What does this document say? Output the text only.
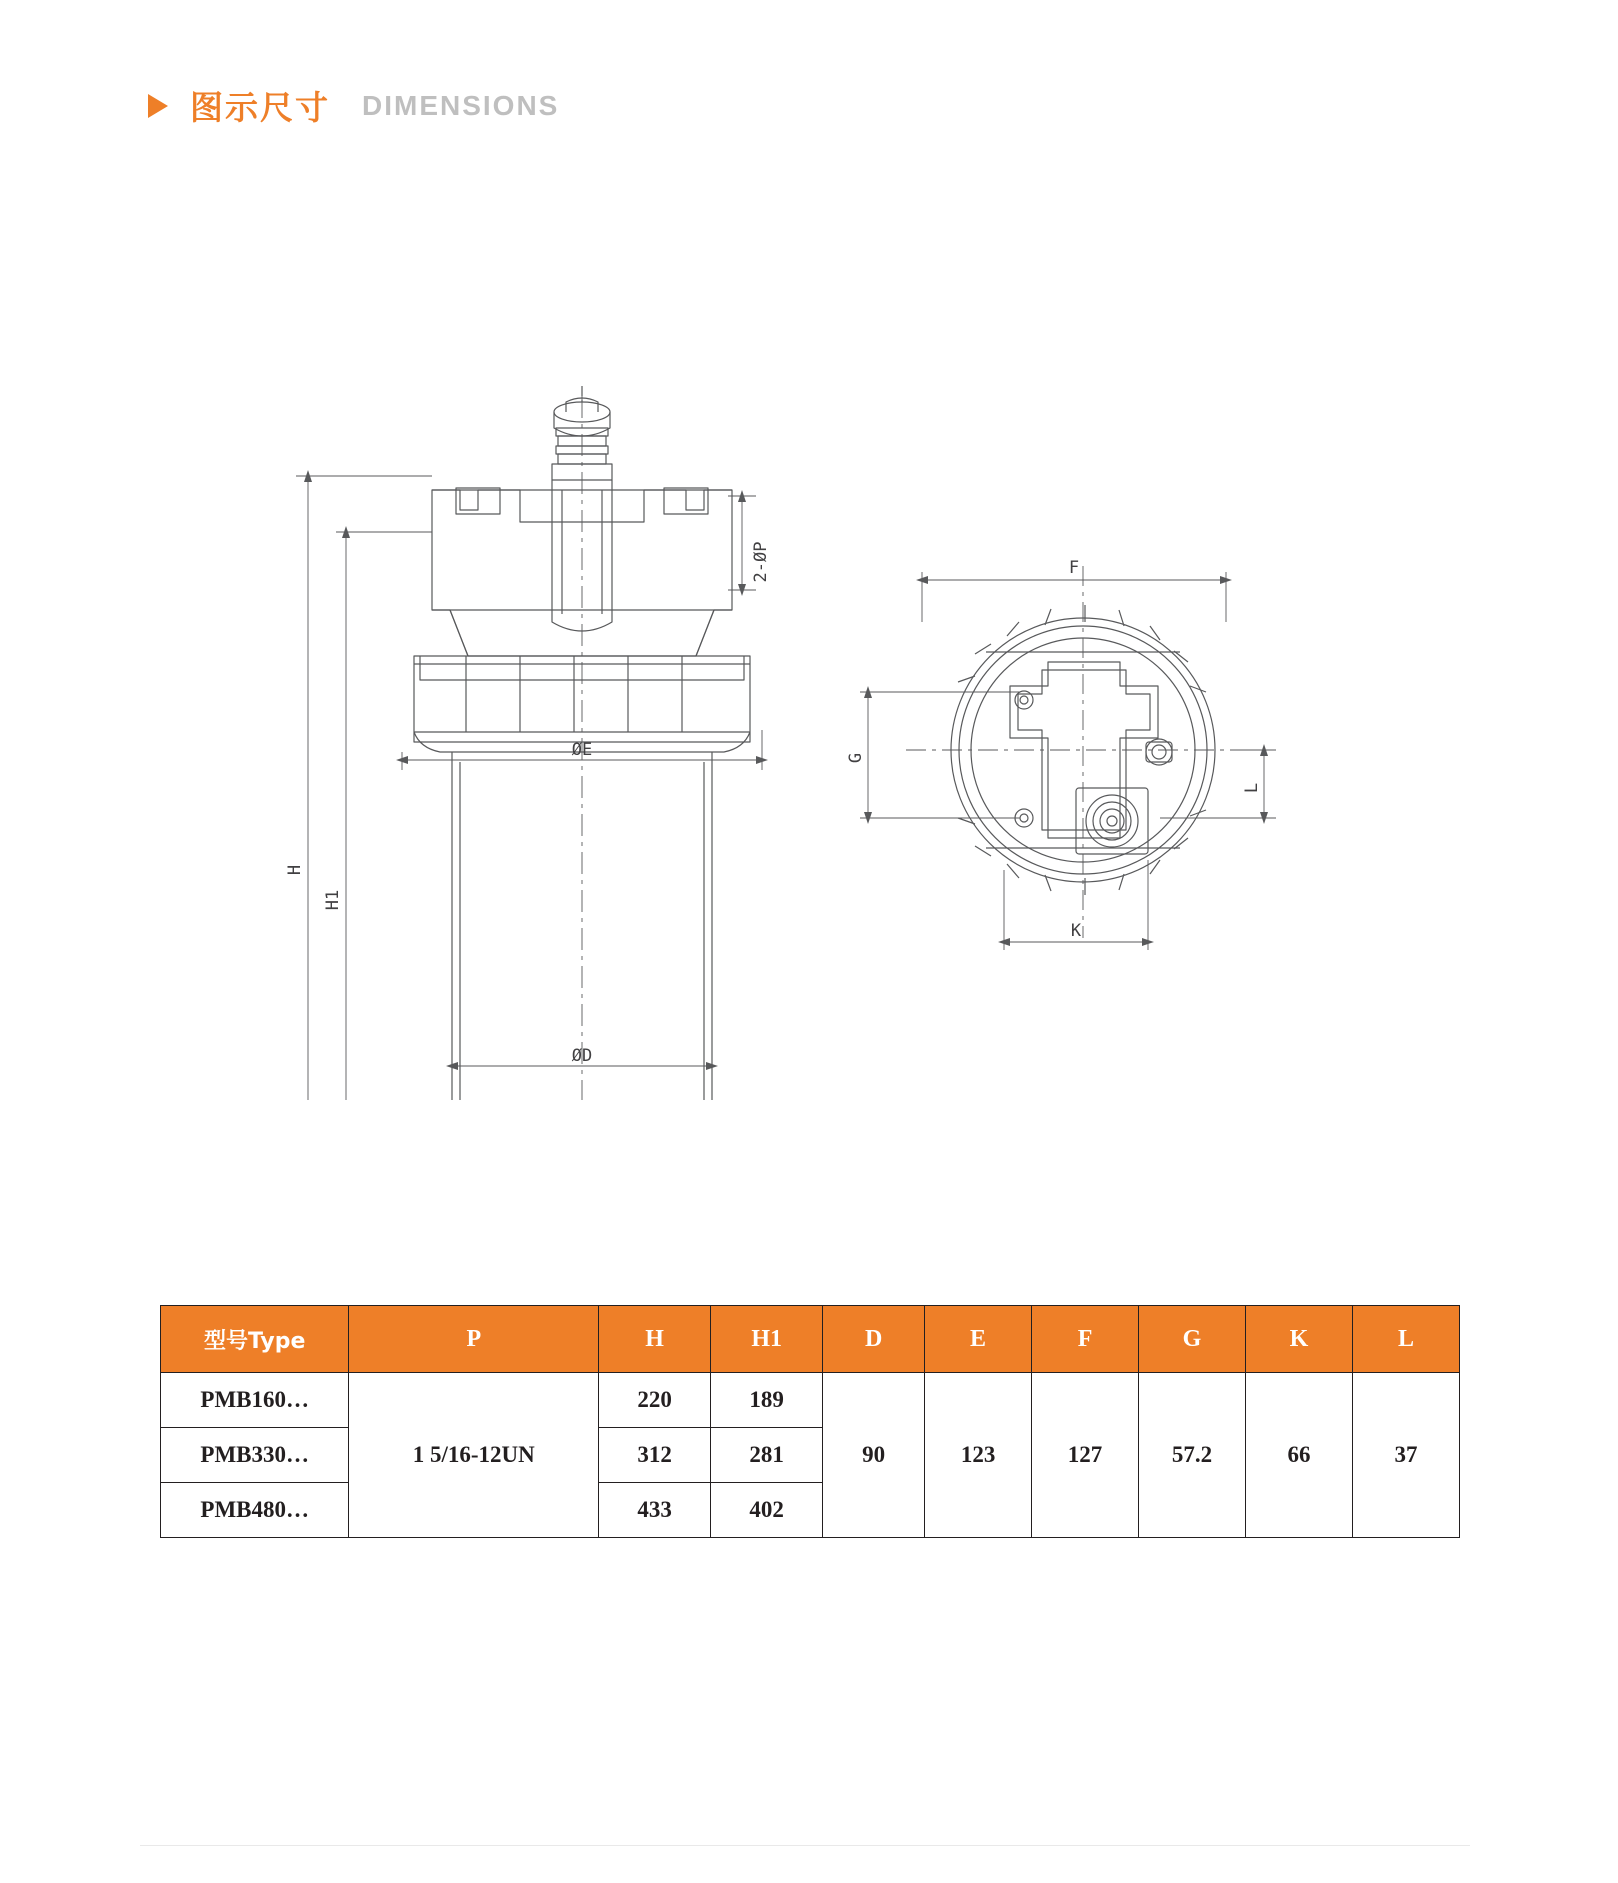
图示尺寸 DIMENSIONS
H
H1
ØE
ØD
2-ØP	F
G
K
L
型号Type	P	H	H1	D	E	F	G	K	L
PMB160…	1 5/16-12UN	220	189	90	123	127	57.2	66	37
PMB330…		312	281						
PMB480…		433	402						
